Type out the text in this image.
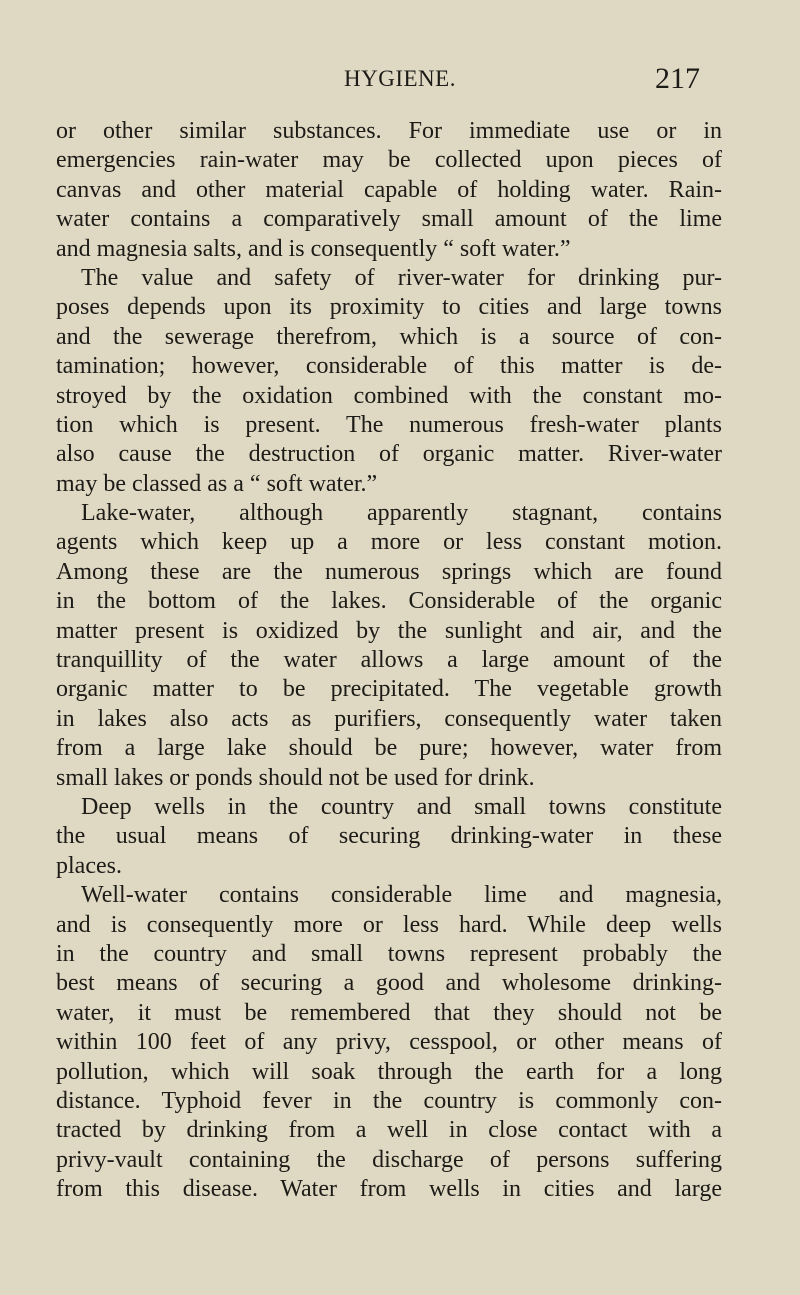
HYGIENE.	217
or other similar substances. For immediate use or in
emergencies rain-water may be collected upon pieces of
canvas and other material capable of holding water. Rain-
water contains a comparatively small amount of the lime
and magnesia salts, and is consequently “ soft water.”
The value and safety of river-water for drinking pur-
poses depends upon its proximity to cities and large towns
and the sewerage therefrom, which is a source of con-
tamination; however, considerable of this matter is de-
stroyed by the oxidation combined with the constant mo-
tion which is present. The numerous fresh-water plants
also cause the destruction of organic matter. River-water
may be classed as a “ soft water.”
Lake-water, although apparently stagnant, contains
agents which keep up a more or less constant motion.
Among these are the numerous springs which are found
in the bottom of the lakes. Considerable of the organic
matter present is oxidized by the sunlight and air, and the
tranquillity of the water allows a large amount of the
organic matter to be precipitated. The vegetable growth
in lakes also acts as purifiers, consequently water taken
from a large lake should be pure; however, water from
small lakes or ponds should not be used for drink.
Deep wells in the country and small towns constitute
the usual means of securing drinking-water in these
places.
Well-water contains considerable lime and magnesia,
and is consequently more or less hard. While deep wells
in the country and small towns represent probably the
best means of securing a good and wholesome drinking-
water, it must be remembered that they should not be
within 100 feet of any privy, cesspool, or other means of
pollution, which will soak through the earth for a long
distance. Typhoid fever in the country is commonly con-
tracted by drinking from a well in close contact with a
privy-vault containing the discharge of persons suffering
from this disease. Water from wells in cities and large
